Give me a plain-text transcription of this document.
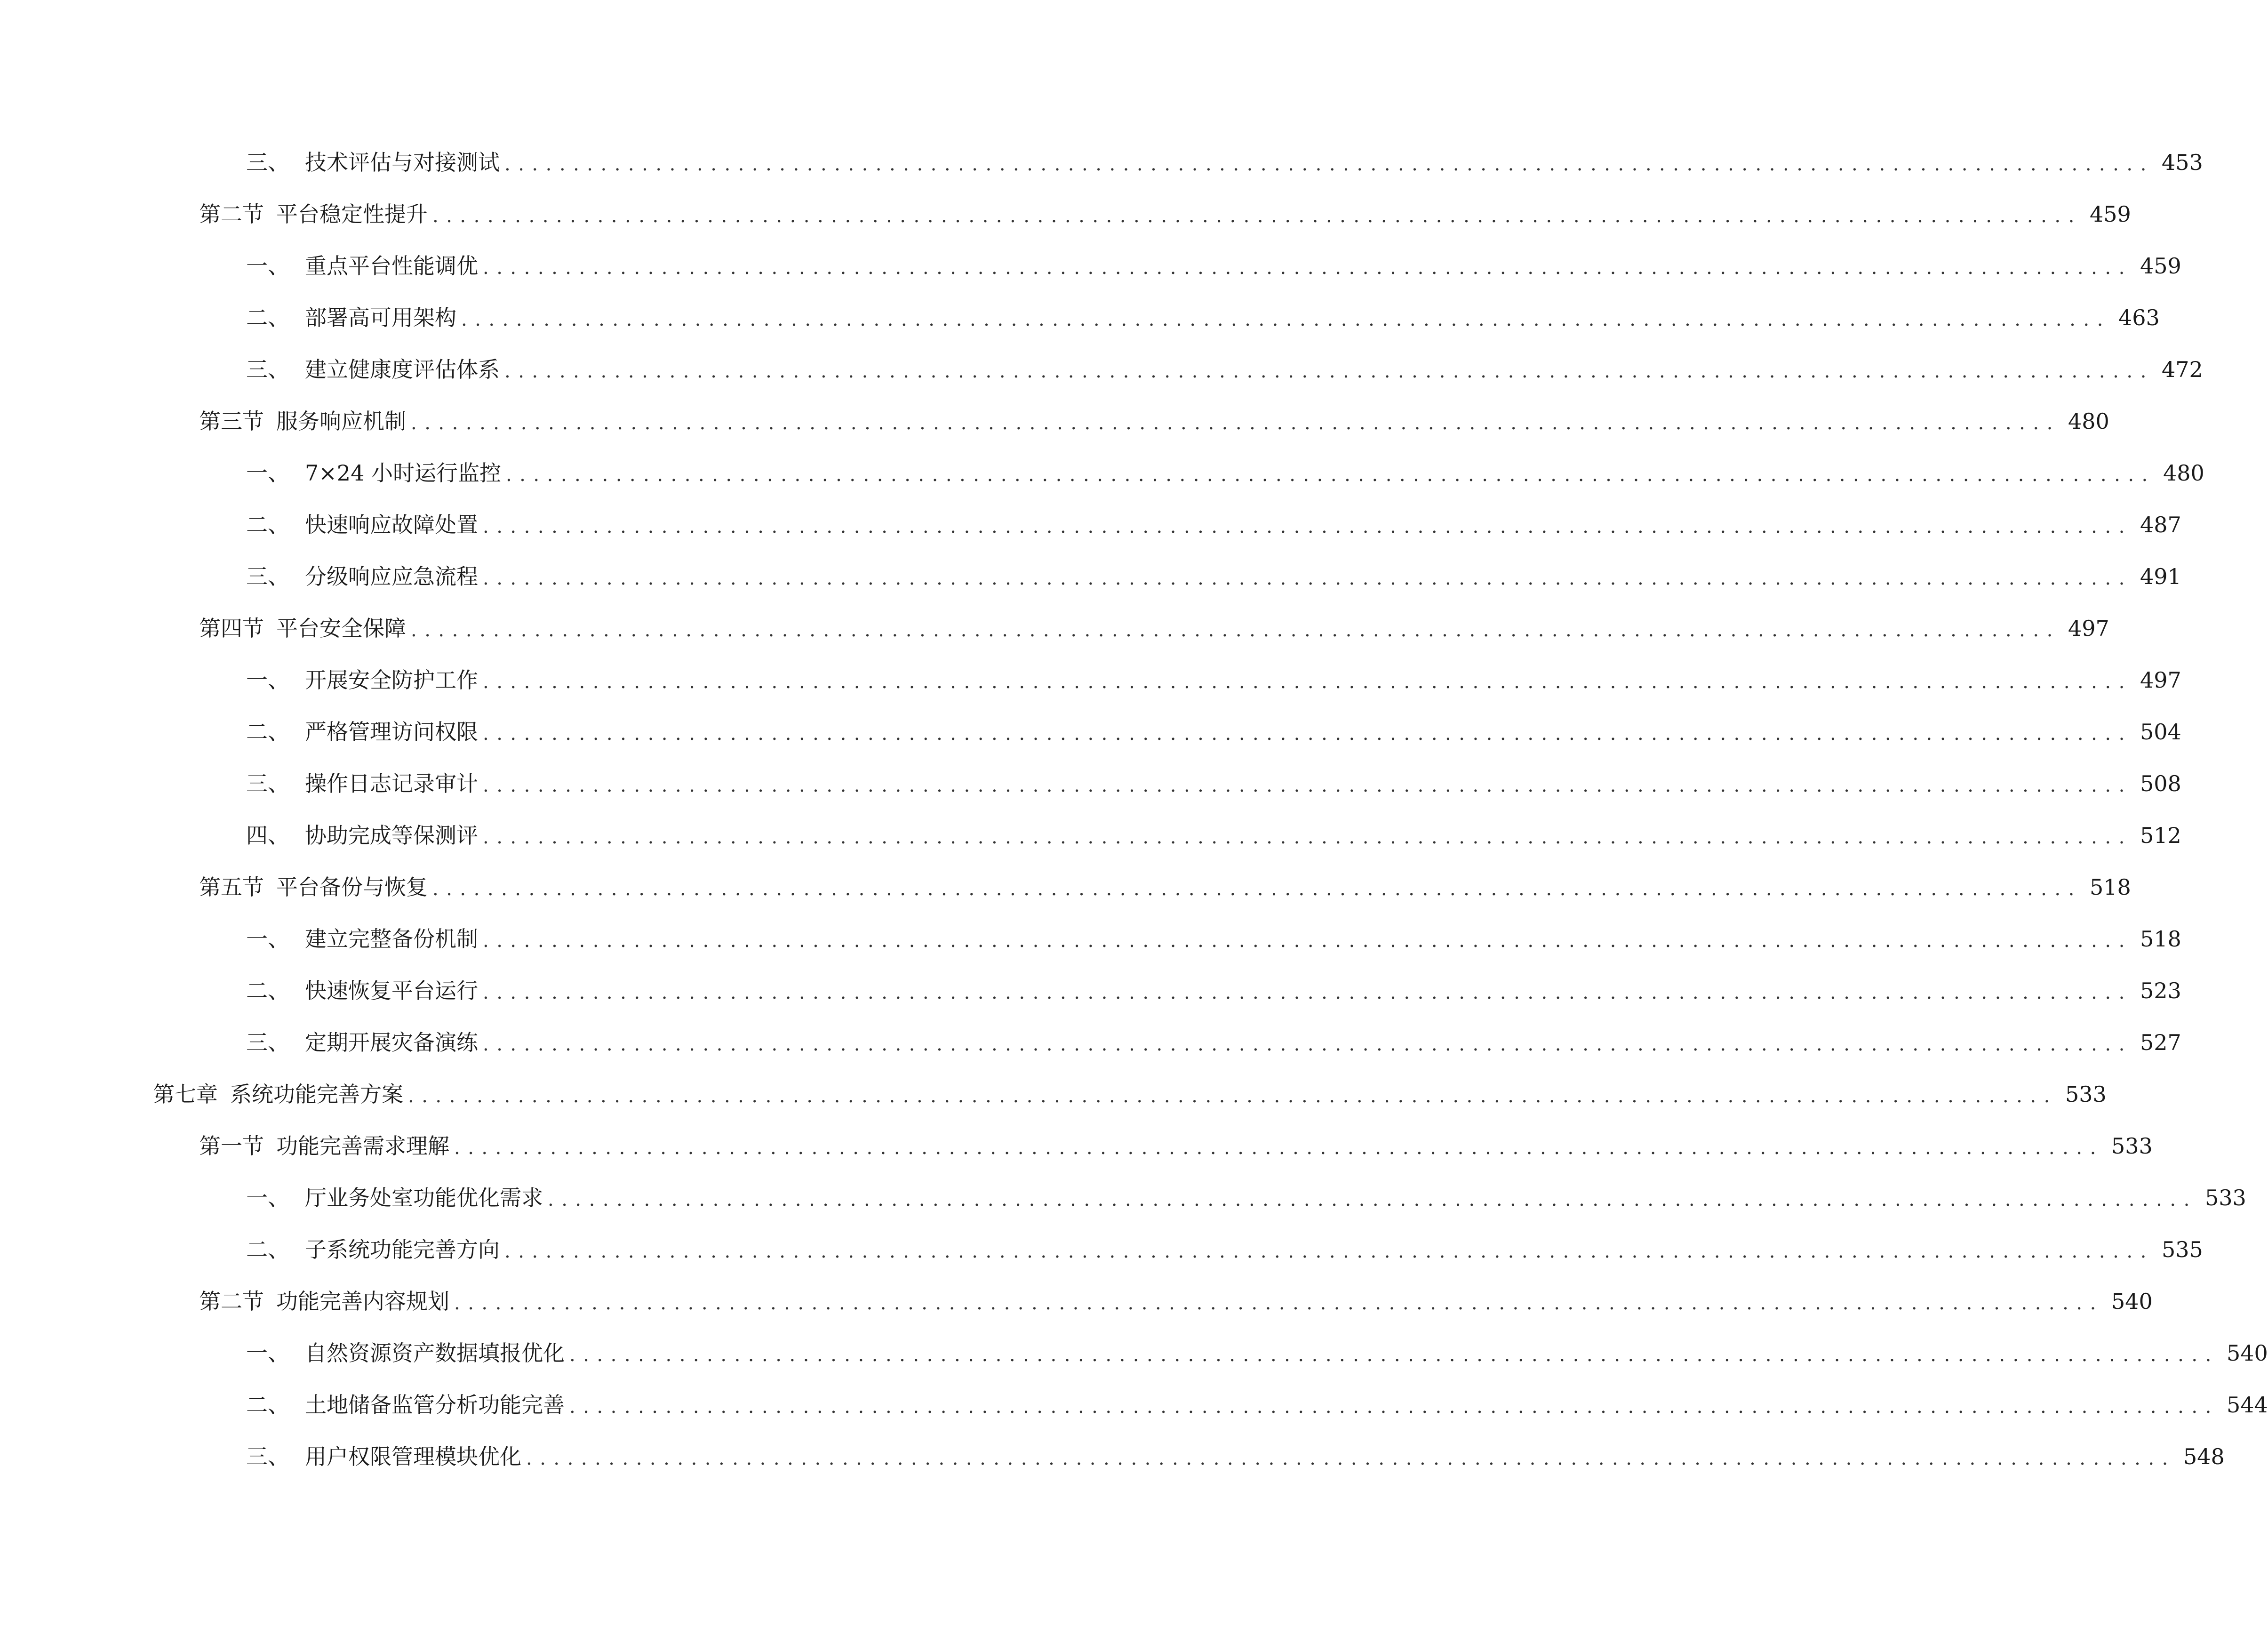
三、 技术评估与对接测试 ........................................................................................................................ 453
第二节 平台稳定性提升 ........................................................................................................................ 459
一、 重点平台性能调优 ........................................................................................................................ 459
二、 部署高可用架构 ........................................................................................................................ 463
三、 建立健康度评估体系 ........................................................................................................................ 472
第三节 服务响应机制 ........................................................................................................................ 480
一、 7×24 小时运行监控 ........................................................................................................................ 480
二、 快速响应故障处置 ........................................................................................................................ 487
三、 分级响应应急流程 ........................................................................................................................ 491
第四节 平台安全保障 ........................................................................................................................ 497
一、 开展安全防护工作 ........................................................................................................................ 497
二、 严格管理访问权限 ........................................................................................................................ 504
三、 操作日志记录审计 ........................................................................................................................ 508
四、 协助完成等保测评 ........................................................................................................................ 512
第五节 平台备份与恢复 ........................................................................................................................ 518
一、 建立完整备份机制 ........................................................................................................................ 518
二、 快速恢复平台运行 ........................................................................................................................ 523
三、 定期开展灾备演练 ........................................................................................................................ 527
第七章 系统功能完善方案 ........................................................................................................................ 533
第一节 功能完善需求理解 ........................................................................................................................ 533
一、 厅业务处室功能优化需求 ........................................................................................................................ 533
二、 子系统功能完善方向 ........................................................................................................................ 535
第二节 功能完善内容规划 ........................................................................................................................ 540
一、 自然资源资产数据填报优化 ........................................................................................................................ 540
二、 土地储备监管分析功能完善 ........................................................................................................................ 544
三、 用户权限管理模块优化 ........................................................................................................................ 548
